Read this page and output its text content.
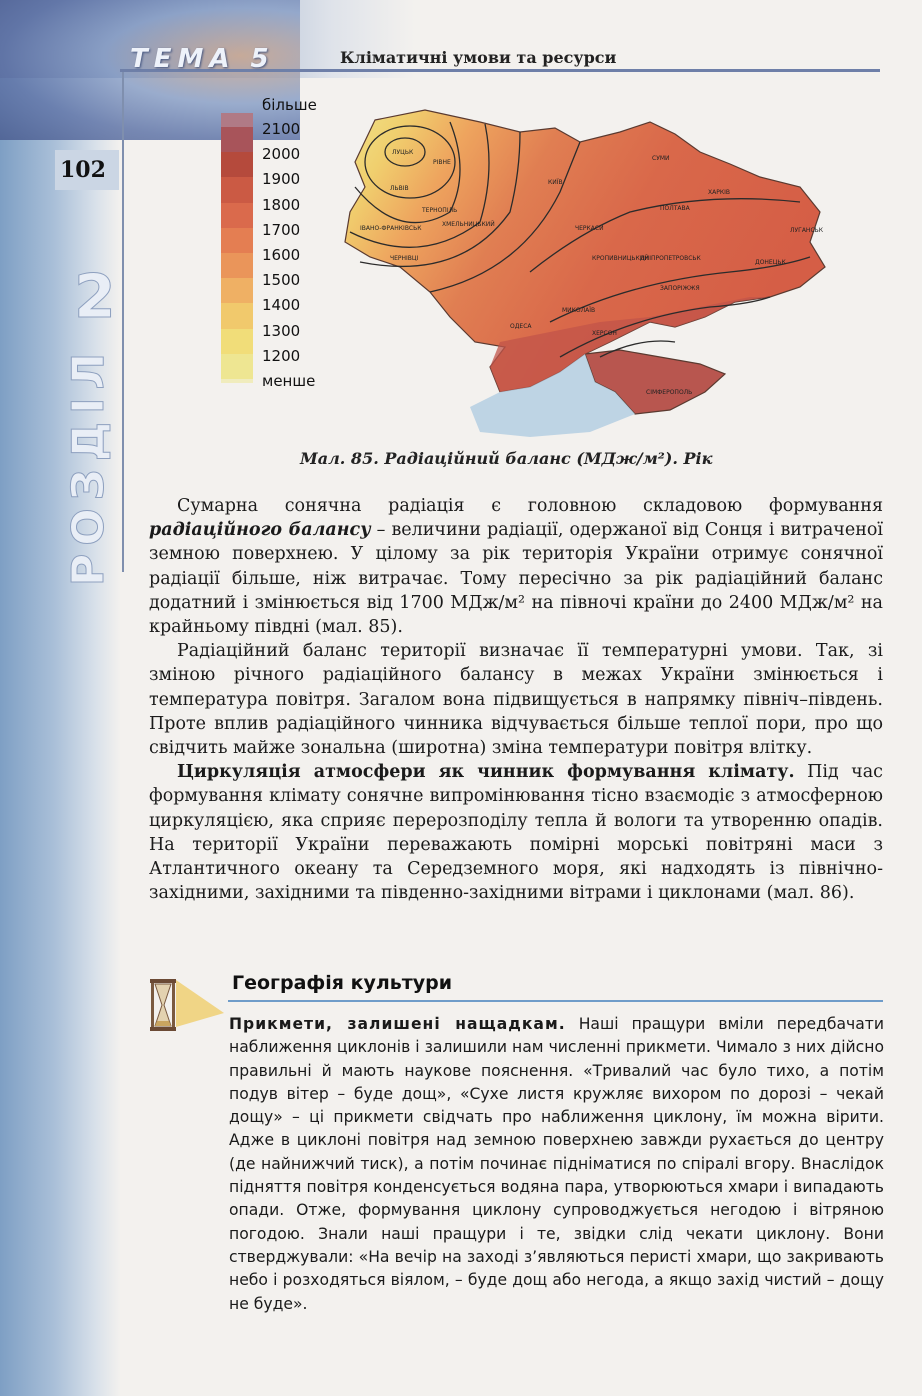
ТЕМА 5	Кліматичні умови та ресурси
102
2
РОЗДІЛ
більше
менше
2100
2000
1900
1800
1700
1600
1500
1400
1300
1200
ЛУЦЬК
РІВНЕ
ЛЬВІВ
ТЕРНОПІЛЬ
ІВАНО-ФРАНКІВСЬК
ХМЕЛЬНИЦЬКИЙ
ЧЕРНІВЦІ
ХАРКІВ
ПОЛТАВА
ЧЕРКАСИ
КРОПИВНИЦЬКИЙ
ДНІПРОПЕТРОВСЬК
ЛУГАНСЬК
ДОНЕЦЬК
ЗАПОРІЖЖЯ
ОДЕСА
МИКОЛАЇВ
ХЕРСОН
СІМФЕРОПОЛЬ
СУМИ
КИЇВ
Мал. 85. Радіаційний баланс (МДж/м²). Рік

Сумарна сонячна радіація є головною складовою формування радіаційного балансу – величини радіації, одержаної від Сонця і витраченої земною поверхнею. У цілому за рік територія України отримує сонячної радіації більше, ніж витрачає. Тому пересічно за рік радіаційний баланс додатний і змінюється від 1700 МДж/м² на півночі країни до 2400 МДж/м² на крайньому півдні (мал. 85).

Радіаційний баланс території визначає її температурні умови. Так, зі зміною річного радіаційного балансу в межах України змінюється і температура повітря. Загалом вона підвищується в напрямку північ–південь. Проте вплив радіаційного чинника відчувається більше теплої пори, про що свідчить майже зональна (широтна) зміна температури повітря влітку.

Циркуляція атмосфери як чинник формування клімату. Під час формування клімату сонячне випромінювання тісно взаємодіє з атмосферною циркуляцією, яка сприяє перерозподілу тепла й вологи та утворенню опадів. На території України переважають помірні морські повітряні маси з Атлантичного океану та Середземного моря, які надходять із північно-західними, західними та південно-західними вітрами і циклонами (мал. 86).

Географія культури
Прикмети, залишені нащадкам. Наші пращури вміли передбачати наближення циклонів і залишили нам численні прикмети. Чимало з них дійсно правильні й мають наукове пояснення. «Тривалий час було тихо, а потім подув вітер – буде дощ», «Сухе листя кружляє вихором по дорозі – чекай дощу» – ці прикмети свідчать про наближення циклону, їм можна вірити. Адже в циклоні повітря над земною поверхнею завжди рухається до центру (де найнижчий тиск), а потім починає підніматися по спіралі вгору. Внаслідок підняття повітря конденсується водяна пара, утворюються хмари і випадають опади. Отже, формування циклону супроводжується негодою і вітряною погодою. Знали наші пращури і те, звідки слід чекати циклону. Вони стверджували: «На вечір на заході з’являються перисті хмари, що закривають небо і розходяться віялом, – буде дощ або негода, а якщо захід чистий – дощу не буде».
